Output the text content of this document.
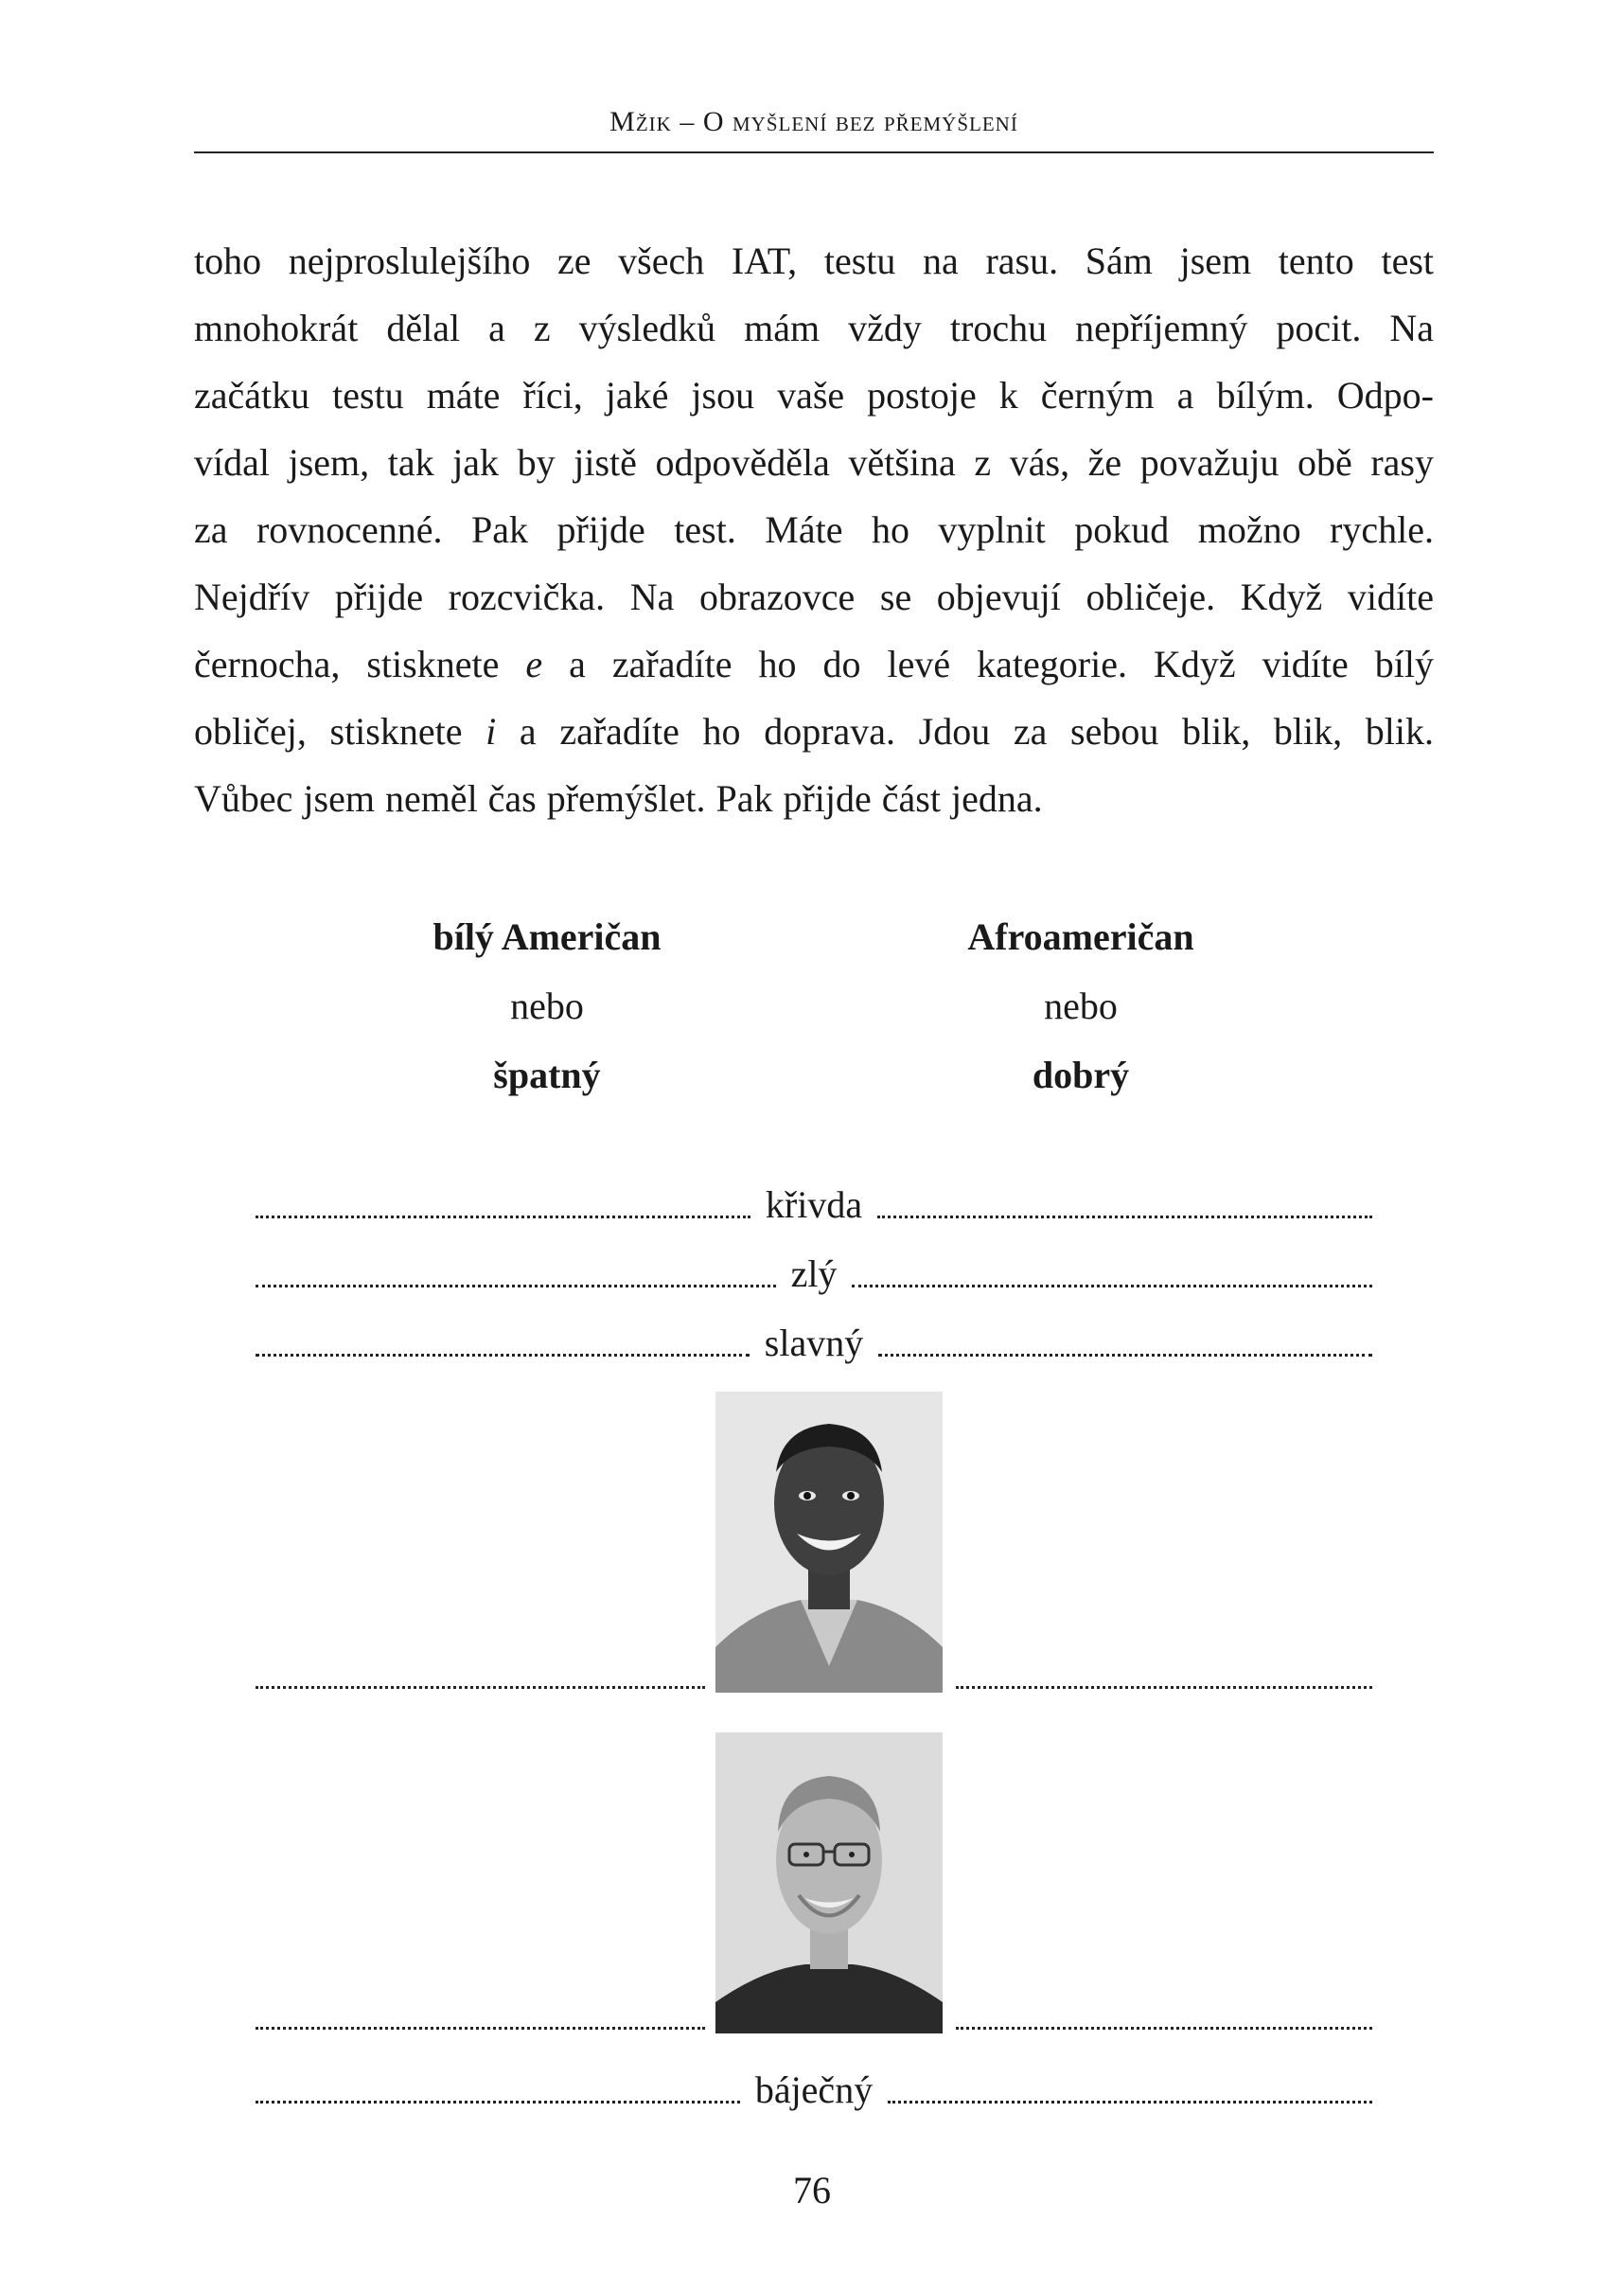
Mžik – O myšlení bez přemýšlení
toho nejproslulejšího ze všech IAT, testu na rasu. Sám jsem tento test
mnohokrát dělal a z výsledků mám vždy trochu nepříjemný pocit. Na
začátku testu máte říci, jaké jsou vaše postoje k černým a bílým. Odpo-
vídal jsem, tak jak by jistě odpověděla většina z vás, že považuju obě rasy
za rovnocenné. Pak přijde test. Máte ho vyplnit pokud možno rychle.
Nejdřív přijde rozcvička. Na obrazovce se objevují obličeje. Když vidíte
černocha, stisknete e a zařadíte ho do levé kategorie. Když vidíte bílý
obličej, stisknete i a zařadíte ho doprava. Jdou za sebou blik, blik, blik.
Vůbec jsem neměl čas přemýšlet. Pak přijde část jedna.
bílý Američan
nebo
špatný
Afroameričan
nebo
dobrý
křivda
zlý
slavný
báječný
76
